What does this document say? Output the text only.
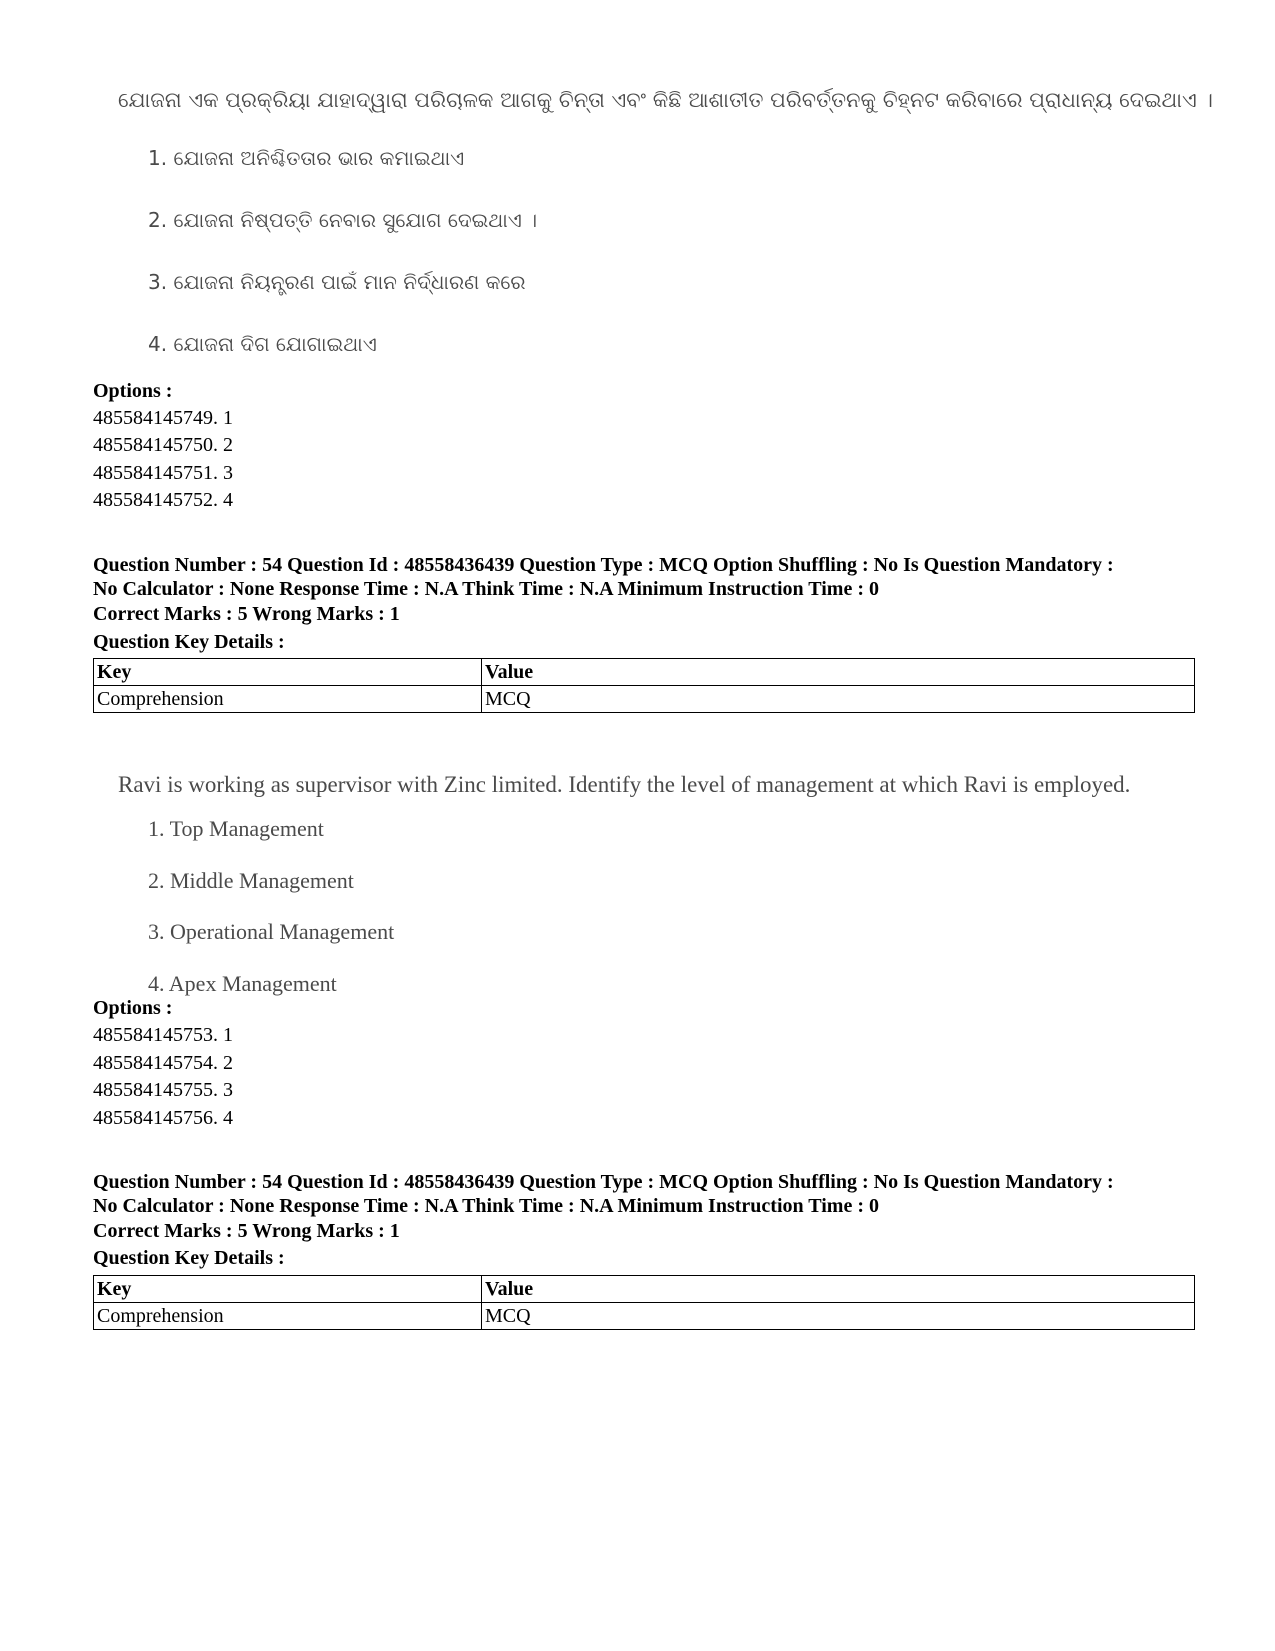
ଯୋଜନା ଏକ ପ୍ରକ୍ରିୟା ଯାହାଦ୍ୱାରା ପରିଚାଳକ ଆଗକୁ ଚିନ୍ତା ଏବଂ କିଛି ଆଶାତୀତ ପରିବର୍ତ୍ତନକୁ ଚିହ୍ନଟ କରିବାରେ ପ୍ରାଧାନ୍ୟ ଦେଇଥାଏ ।
1. ଯୋଜନା ଅନିଶ୍ଚିତତାର ଭାର କମାଇଥାଏ
2. ଯୋଜନା ନିଷ୍ପତ୍ତି ନେବାର ସୁଯୋଗ ଦେଇଥାଏ ।
3. ଯୋଜନା ନିୟନ୍ତ୍ରଣ ପାଇଁ ମାନ ନିର୍ଦ୍ଧାରଣ କରେ
4. ଯୋଜନା ଦିଗ ଯୋଗାଇଥାଏ
Options :
485584145749. 1
485584145750. 2
485584145751. 3
485584145752. 4
Question Number : 54 Question Id : 48558436439 Question Type : MCQ Option Shuffling : No Is Question Mandatory :
No Calculator : None Response Time : N.A Think Time : N.A Minimum Instruction Time : 0
Correct Marks : 5 Wrong Marks : 1
Question Key Details :
Key	Value
Comprehension	MCQ
Ravi is working as supervisor with Zinc limited. Identify the level of management at which Ravi is employed.
1. Top Management
2. Middle Management
3. Operational Management
4. Apex Management
Options :
485584145753. 1
485584145754. 2
485584145755. 3
485584145756. 4
Question Number : 54 Question Id : 48558436439 Question Type : MCQ Option Shuffling : No Is Question Mandatory :
No Calculator : None Response Time : N.A Think Time : N.A Minimum Instruction Time : 0
Correct Marks : 5 Wrong Marks : 1
Question Key Details :
Key	Value
Comprehension	MCQ
